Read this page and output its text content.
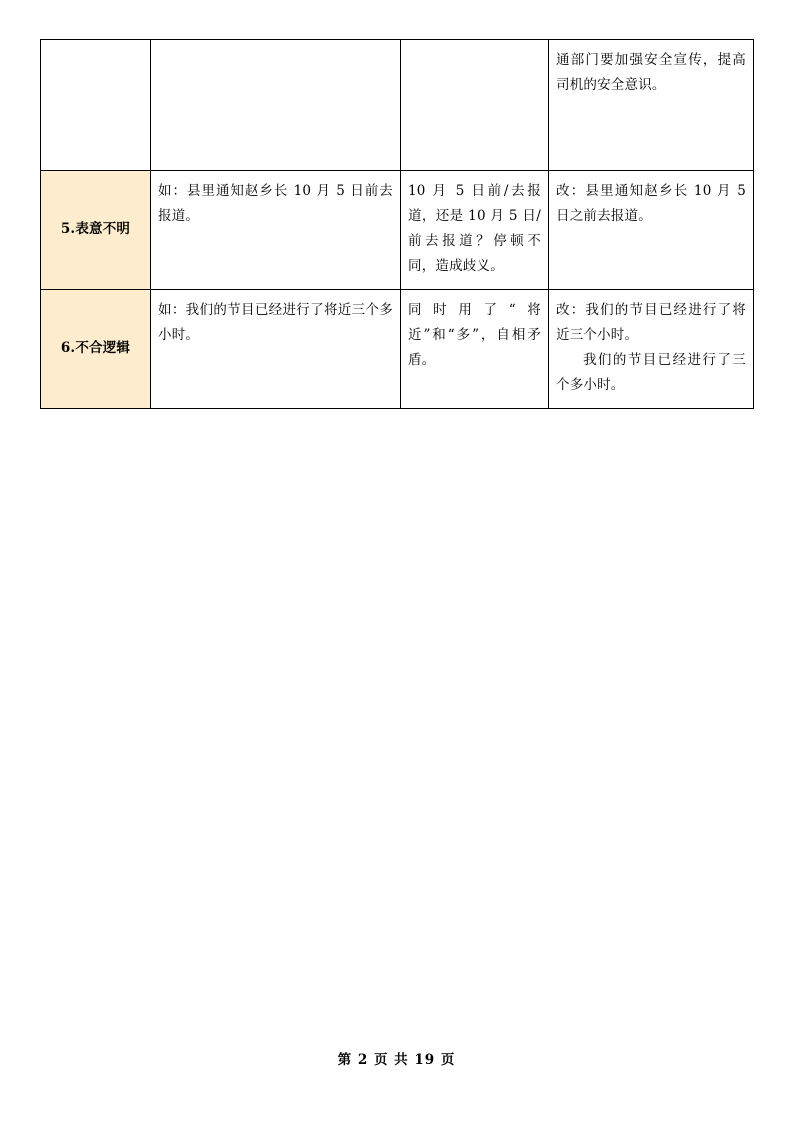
			通部门要加强安全宣传，提高司机的安全意识。

5.表意不明	如：县里通知赵乡长 10 月 5 日前去报道。	10 月 5 日前/去报道，还是 10 月 5 日/前去报道？停顿不同，造成歧义。	改：县里通知赵乡长 10 月 5 日之前去报道。

6.不合逻辑	如：我们的节目已经进行了将近三个多小时。	同时用了“将近”和“多”，自相矛盾。	改：我们的节目已经进行了将近三个小时。
我们的节目已经进行了三个多小时。
第 2 页 共 19 页
